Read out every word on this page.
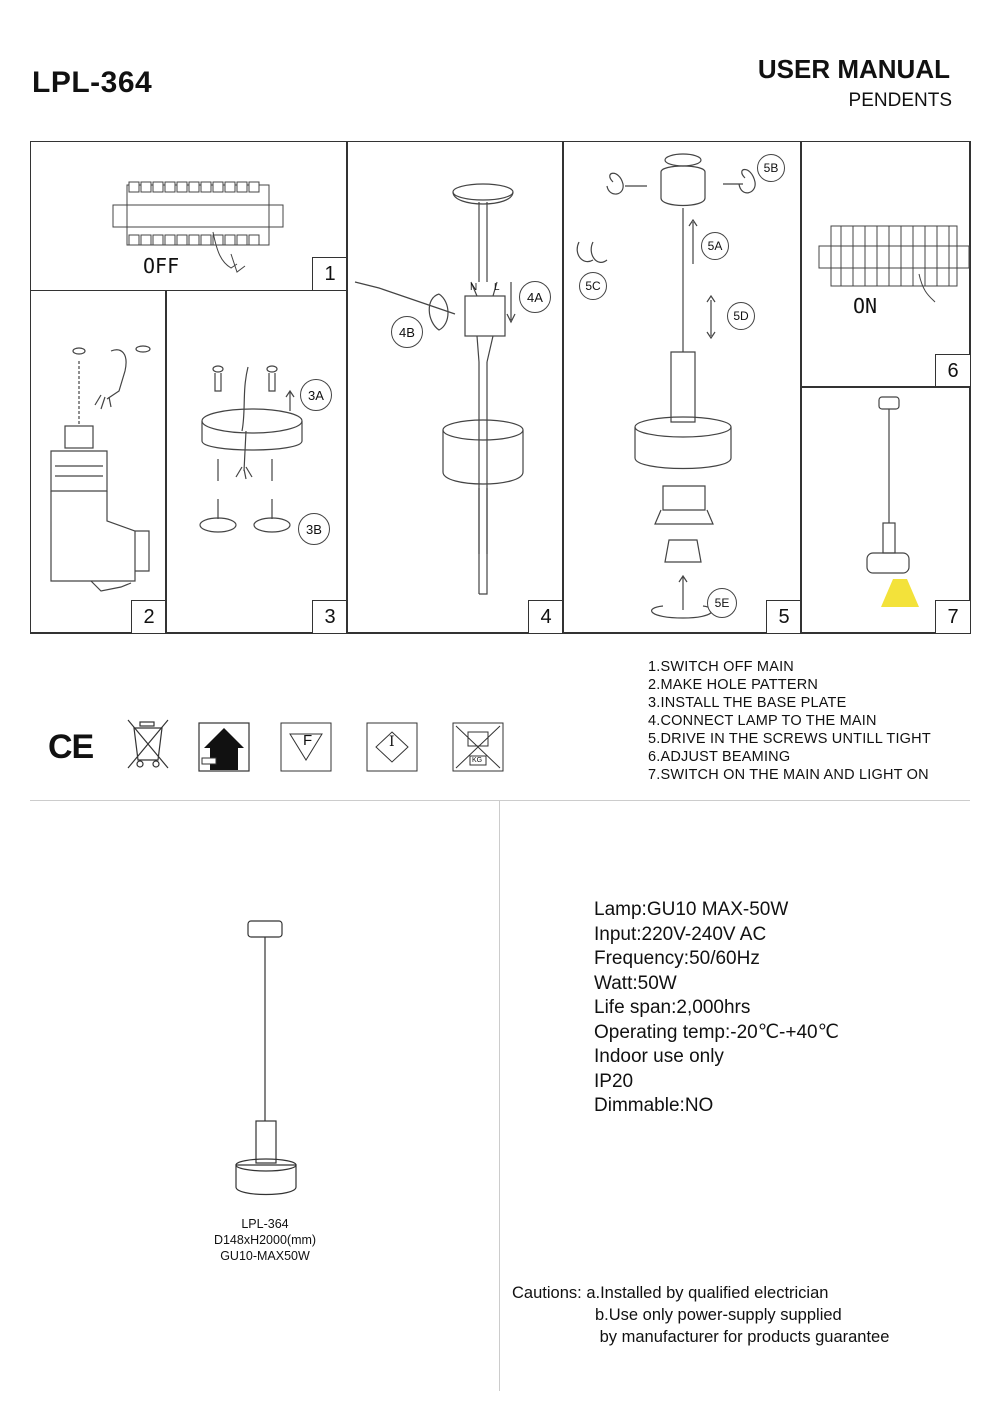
LPL-364	USER MANUAL
PENDENTS
OFF	1
2
3A
3B
3
N L
4A
4B
4
5B
5A
5C
5D
5E
5
ON
6
7
1.SWITCH OFF MAIN
2.MAKE HOLE PATTERN
3.INSTALL THE BASE PLATE
4.CONNECT LAMP TO THE MAIN
5.DRIVE IN THE SCREWS UNTILL TIGHT
6.ADJUST BEAMING
7.SWITCH ON THE MAIN AND LIGHT ON
CE	F	I
KG
LPL-364
D148xH2000(mm)
GU10-MAX50W
Lamp:GU10 MAX-50W
Input:220V-240V AC
Frequency:50/60Hz
Watt:50W
Life span:2,000hrs
Operating temp:-20℃-+40℃
Indoor use only
IP20
Dimmable:NO
Cautions: a.Installed by qualified electrician
b.Use only power-supply supplied
by manufacturer for products guarantee
